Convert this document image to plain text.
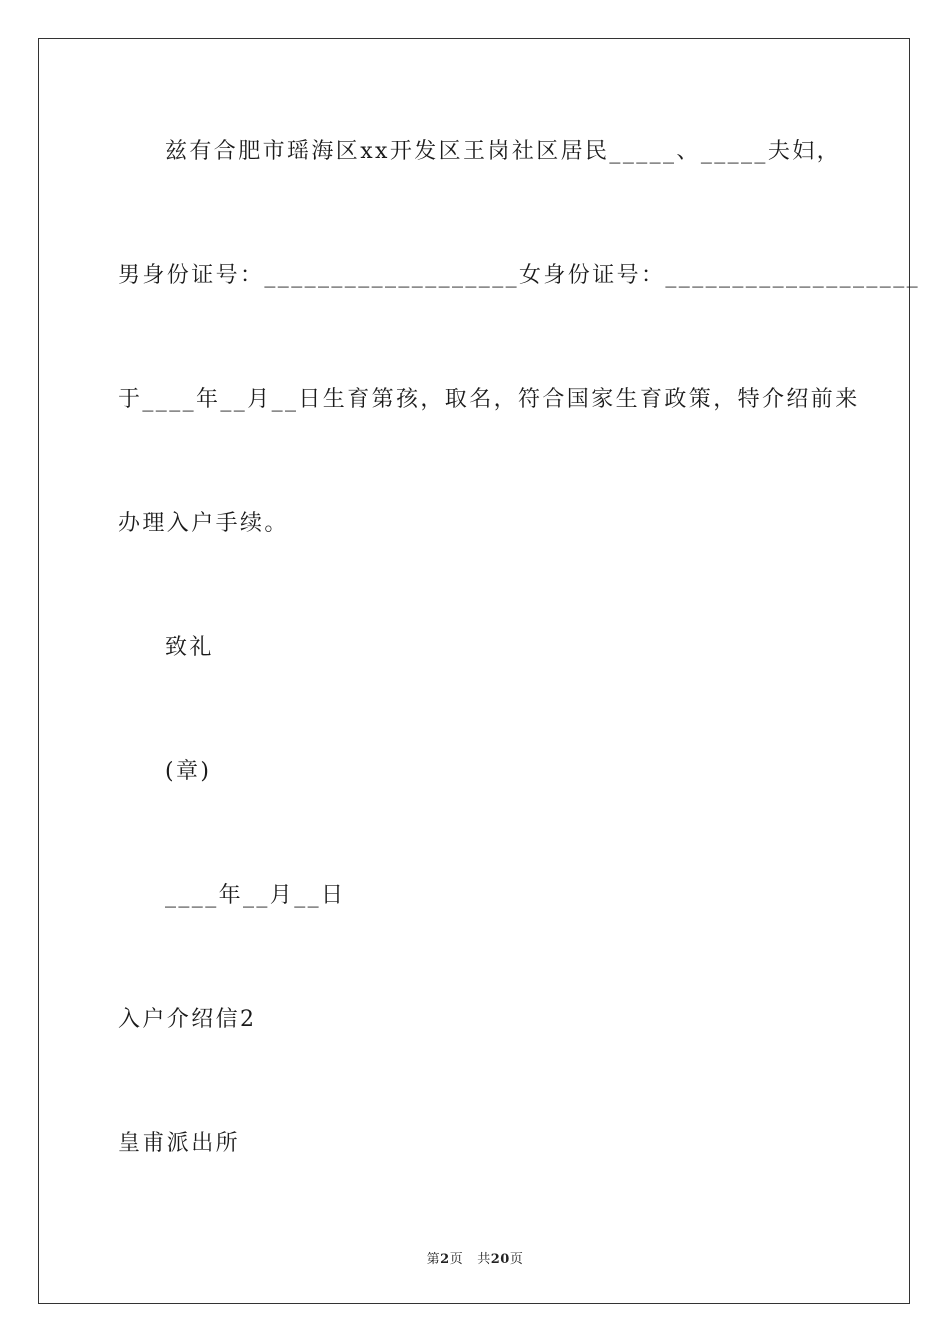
兹有合肥市瑶海区xx开发区王岗社区居民_____、_____夫妇，
男身份证号：___________________女身份证号：___________________
于____年__月__日生育第孩，取名，符合国家生育政策，特介绍前来
办理入户手续。
致礼
(章)
____年__月__日
入户介绍信2
皇甫派出所
第2页 共20页
